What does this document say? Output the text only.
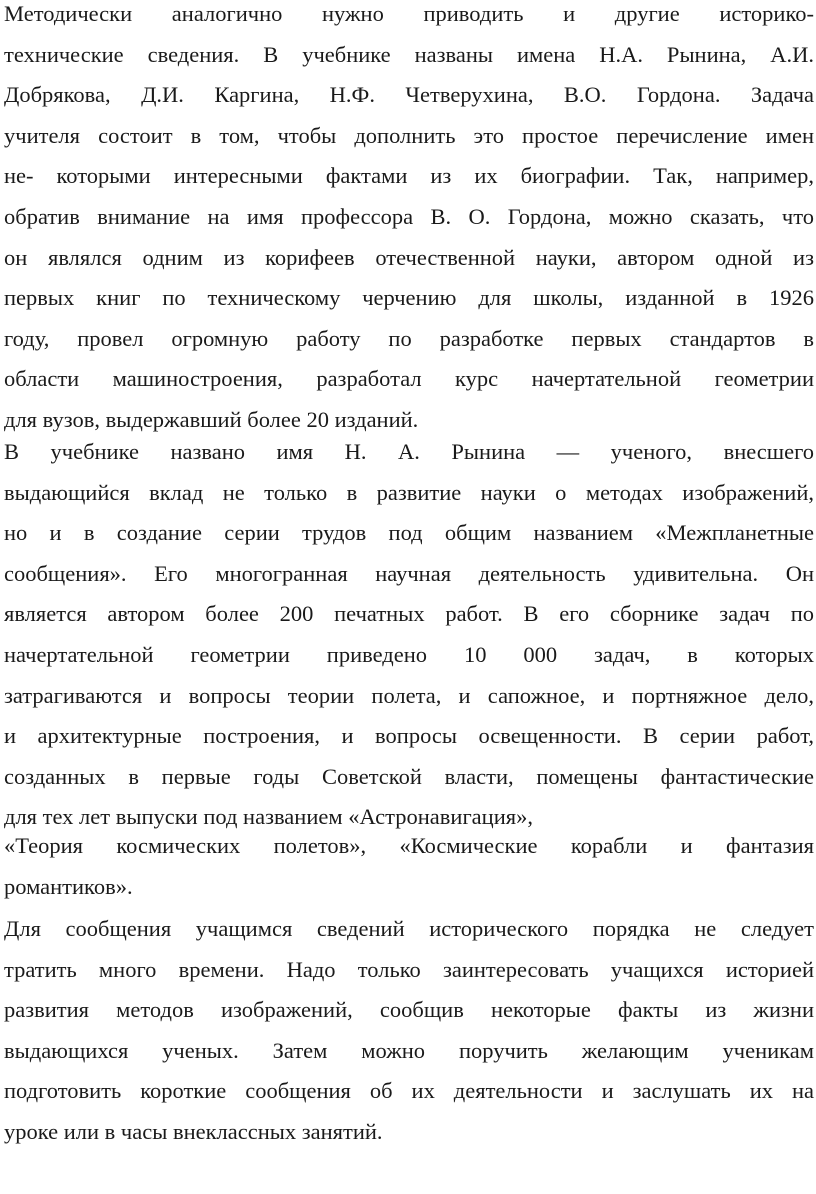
Методически аналогично нужно приводить и другие историко-
технические сведения. В учебнике названы имена Н.А. Рынина, А.И.
Добрякова, Д.И. Каргина, Н.Ф. Четверухина, В.О. Гордона. Задача
учителя состоит в том, чтобы дополнить это простое перечисление имен
не- которыми интересными фактами из их биографии. Так, например,
обратив внимание на имя профессора В. О. Гордона, можно сказать, что
он являлся одним из корифеев отечественной науки, автором одной из
первых книг по техническому черчению для школы, изданной в 1926
году, провел огромную работу по разработке первых стандартов в
области машиностроения, разработал курс начертательной геометрии
для вузов, выдержавший более 20 изданий.

В учебнике названо имя Н. А. Рынина — ученого, внесшего
выдающийся вклад не только в развитие науки о методах изображений,
но и в создание серии трудов под общим названием «Межпланетные
сообщения». Его многогранная научная деятельность удивительна. Он
является автором более 200 печатных работ. В его сборнике задач по
начертательной геометрии приведено 10 000 задач, в которых
затрагиваются и вопросы теории полета, и сапожное, и портняжное дело,
и архитектурные построения, и вопросы освещенности. В серии работ,
созданных в первые годы Советской власти, помещены фантастические
для тех лет выпуски под названием «Астронавигация»,

«Теория космических полетов», «Космические корабли и фантазия
романтиков».

Для сообщения учащимся сведений исторического порядка не следует
тратить много времени. Надо только заинтересовать учащихся историей
развития методов изображений, сообщив некоторые факты из жизни
выдающихся ученых. Затем можно поручить желающим ученикам
подготовить короткие сообщения об их деятельности и заслушать их на
уроке или в часы внеклассных занятий.
